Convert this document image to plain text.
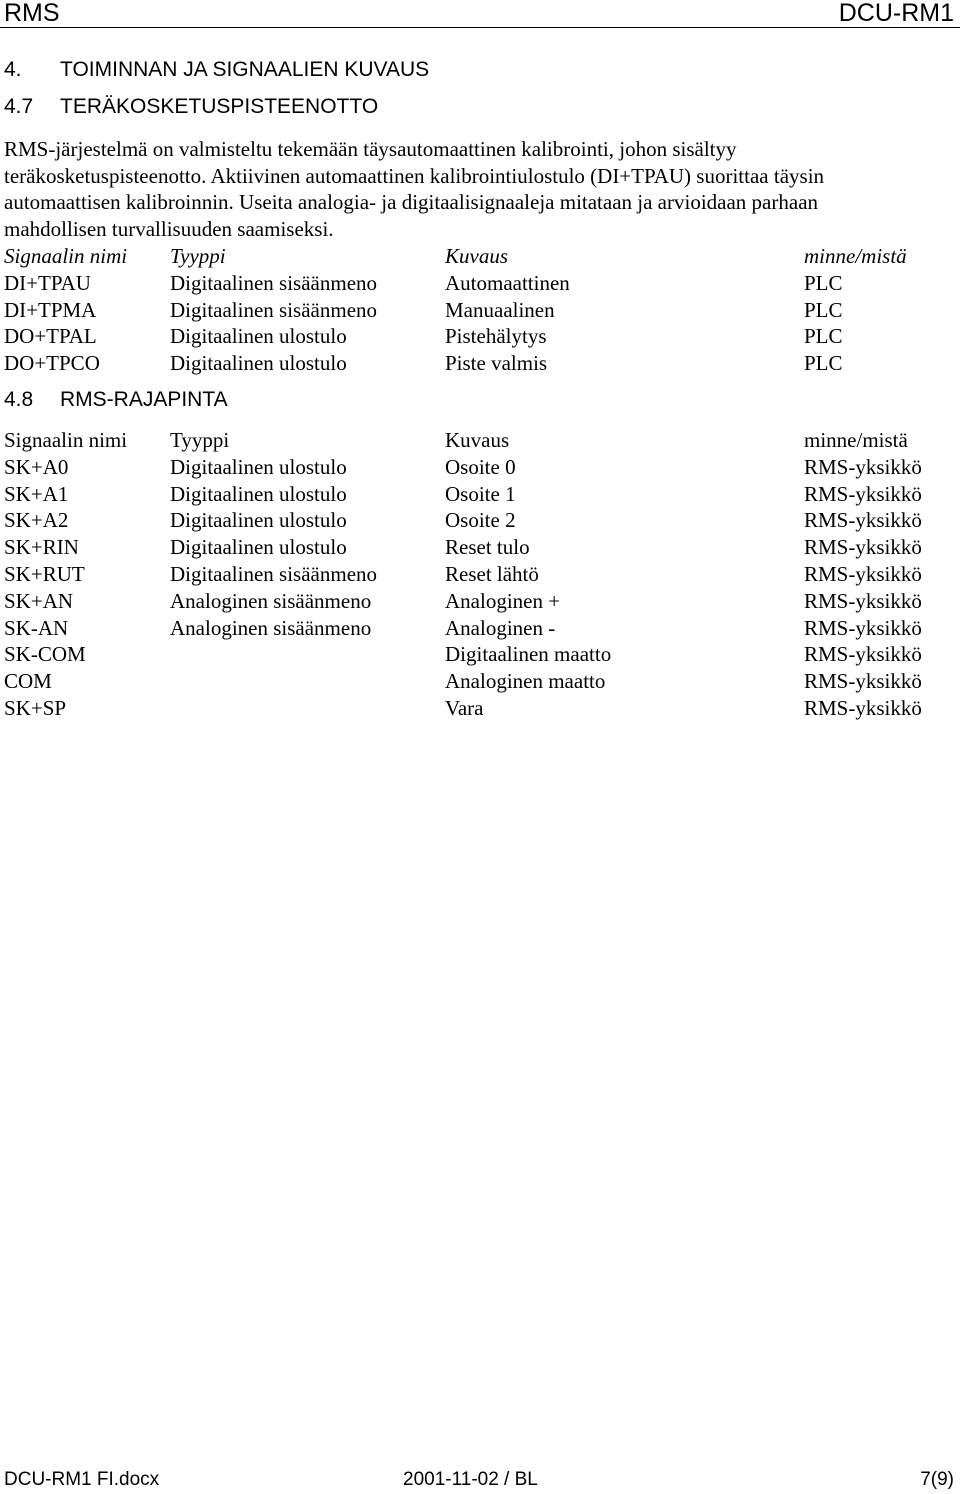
RMS	DCU-RM1
4. TOIMINNAN JA SIGNAALIEN KUVAUS
4.7 TERÄKOSKETUSPISTEENOTTO
RMS-järjestelmä on valmisteltu tekemään täysautomaattinen kalibrointi, johon sisältyy
teräkosketuspisteenotto. Aktiivinen automaattinen kalibrointiulostulo (DI+TPAU) suorittaa täysin
automaattisen kalibroinnin. Useita analogia- ja digitaalisignaaleja mitataan ja arvioidaan parhaan
mahdollisen turvallisuuden saamiseksi.
Signaalin nimi	Tyyppi	Kuvaus	minne/mistä
DI+TPAU	Digitaalinen sisäänmeno	Automaattinen	PLC
DI+TPMA	Digitaalinen sisäänmeno	Manuaalinen	PLC
DO+TPAL	Digitaalinen ulostulo	Pistehälytys	PLC
DO+TPCO	Digitaalinen ulostulo	Piste valmis	PLC
4.8 RMS-RAJAPINTA
Signaalin nimi	Tyyppi	Kuvaus	minne/mistä
SK+A0	Digitaalinen ulostulo	Osoite 0	RMS-yksikkö
SK+A1	Digitaalinen ulostulo	Osoite 1	RMS-yksikkö
SK+A2	Digitaalinen ulostulo	Osoite 2	RMS-yksikkö
SK+RIN	Digitaalinen ulostulo	Reset tulo	RMS-yksikkö
SK+RUT	Digitaalinen sisäänmeno	Reset lähtö	RMS-yksikkö
SK+AN	Analoginen sisäänmeno	Analoginen +	RMS-yksikkö
SK-AN	Analoginen sisäänmeno	Analoginen -	RMS-yksikkö
SK-COM		Digitaalinen maatto	RMS-yksikkö
COM		Analoginen maatto	RMS-yksikkö
SK+SP		Vara	RMS-yksikkö
DCU-RM1 FI.docx	2001-11-02 / BL	7(9)
